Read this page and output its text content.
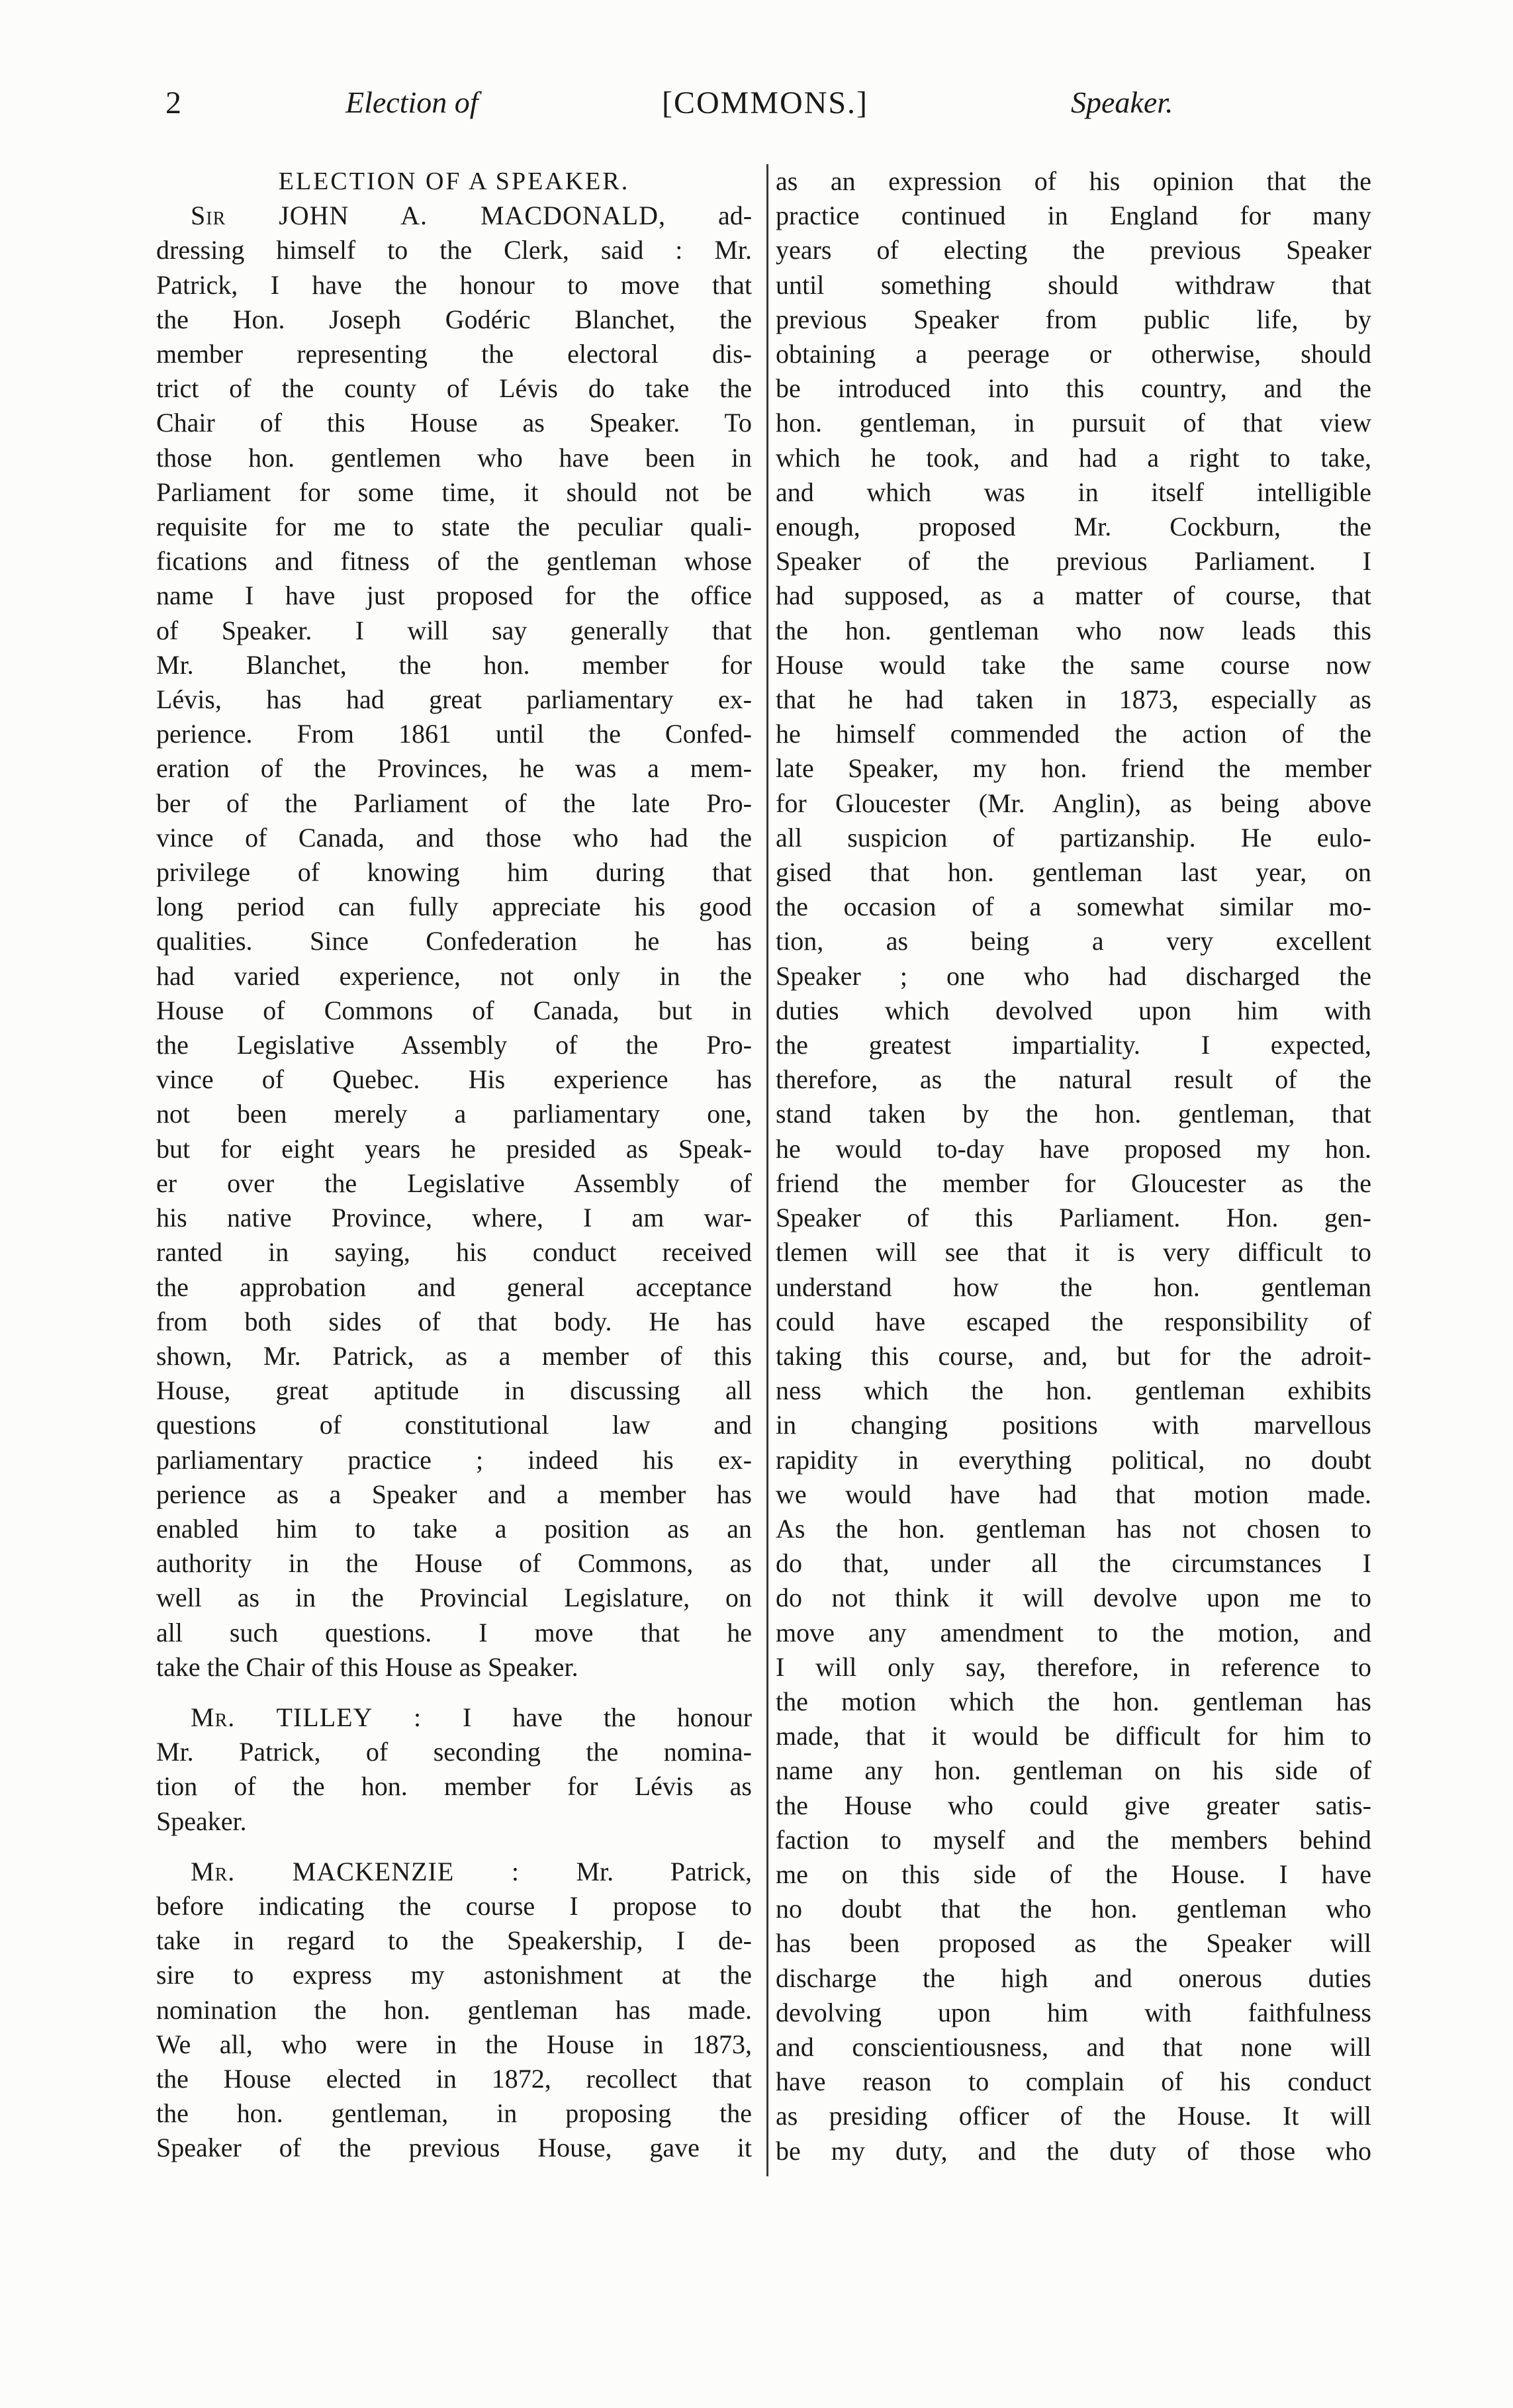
2	Election of	[COMMONS.]	Speaker.
ELECTION OF A SPEAKER.
Sir JOHN A. MACDONALD, ad-
dressing himself to the Clerk, said : Mr.
Patrick, I have the honour to move that
the Hon. Joseph Godéric Blanchet, the
member representing the electoral dis-
trict of the county of Lévis do take the
Chair of this House as Speaker. To
those hon. gentlemen who have been in
Parliament for some time, it should not be
requisite for me to state the peculiar quali-
fications and fitness of the gentleman whose
name I have just proposed for the office
of Speaker. I will say generally that
Mr. Blanchet, the hon. member for
Lévis, has had great parliamentary ex-
perience. From 1861 until the Confed-
eration of the Provinces, he was a mem-
ber of the Parliament of the late Pro-
vince of Canada, and those who had the
privilege of knowing him during that
long period can fully appreciate his good
qualities. Since Confederation he has
had varied experience, not only in the
House of Commons of Canada, but in
the Legislative Assembly of the Pro-
vince of Quebec. His experience has
not been merely a parliamentary one,
but for eight years he presided as Speak-
er over the Legislative Assembly of
his native Province, where, I am war-
ranted in saying, his conduct received
the approbation and general acceptance
from both sides of that body. He has
shown, Mr. Patrick, as a member of this
House, great aptitude in discussing all
questions of constitutional law and
parliamentary practice ; indeed his ex-
perience as a Speaker and a member has
enabled him to take a position as an
authority in the House of Commons, as
well as in the Provincial Legislature, on
all such questions. I move that he
take the Chair of this House as Speaker.
Mr. TILLEY : I have the honour
Mr. Patrick, of seconding the nomina-
tion of the hon. member for Lévis as
Speaker.
Mr. MACKENZIE : Mr. Patrick,
before indicating the course I propose to
take in regard to the Speakership, I de-
sire to express my astonishment at the
nomination the hon. gentleman has made.
We all, who were in the House in 1873,
the House elected in 1872, recollect that
the hon. gentleman, in proposing the
Speaker of the previous House, gave it
as an expression of his opinion that the
practice continued in England for many
years of electing the previous Speaker
until something should withdraw that
previous Speaker from public life, by
obtaining a peerage or otherwise, should
be introduced into this country, and the
hon. gentleman, in pursuit of that view
which he took, and had a right to take,
and which was in itself intelligible
enough, proposed Mr. Cockburn, the
Speaker of the previous Parliament. I
had supposed, as a matter of course, that
the hon. gentleman who now leads this
House would take the same course now
that he had taken in 1873, especially as
he himself commended the action of the
late Speaker, my hon. friend the member
for Gloucester (Mr. Anglin), as being above
all suspicion of partizanship. He eulo-
gised that hon. gentleman last year, on
the occasion of a somewhat similar mo-
tion, as being a very excellent
Speaker ; one who had discharged the
duties which devolved upon him with
the greatest impartiality. I expected,
therefore, as the natural result of the
stand taken by the hon. gentleman, that
he would to-day have proposed my hon.
friend the member for Gloucester as the
Speaker of this Parliament. Hon. gen-
tlemen will see that it is very difficult to
understand how the hon. gentleman
could have escaped the responsibility of
taking this course, and, but for the adroit-
ness which the hon. gentleman exhibits
in changing positions with marvellous
rapidity in everything political, no doubt
we would have had that motion made.
As the hon. gentleman has not chosen to
do that, under all the circumstances I
do not think it will devolve upon me to
move any amendment to the motion, and
I will only say, therefore, in reference to
the motion which the hon. gentleman has
made, that it would be difficult for him to
name any hon. gentleman on his side of
the House who could give greater satis-
faction to myself and the members behind
me on this side of the House. I have
no doubt that the hon. gentleman who
has been proposed as the Speaker will
discharge the high and onerous duties
devolving upon him with faithfulness
and conscientiousness, and that none will
have reason to complain of his conduct
as presiding officer of the House. It will
be my duty, and the duty of those who
